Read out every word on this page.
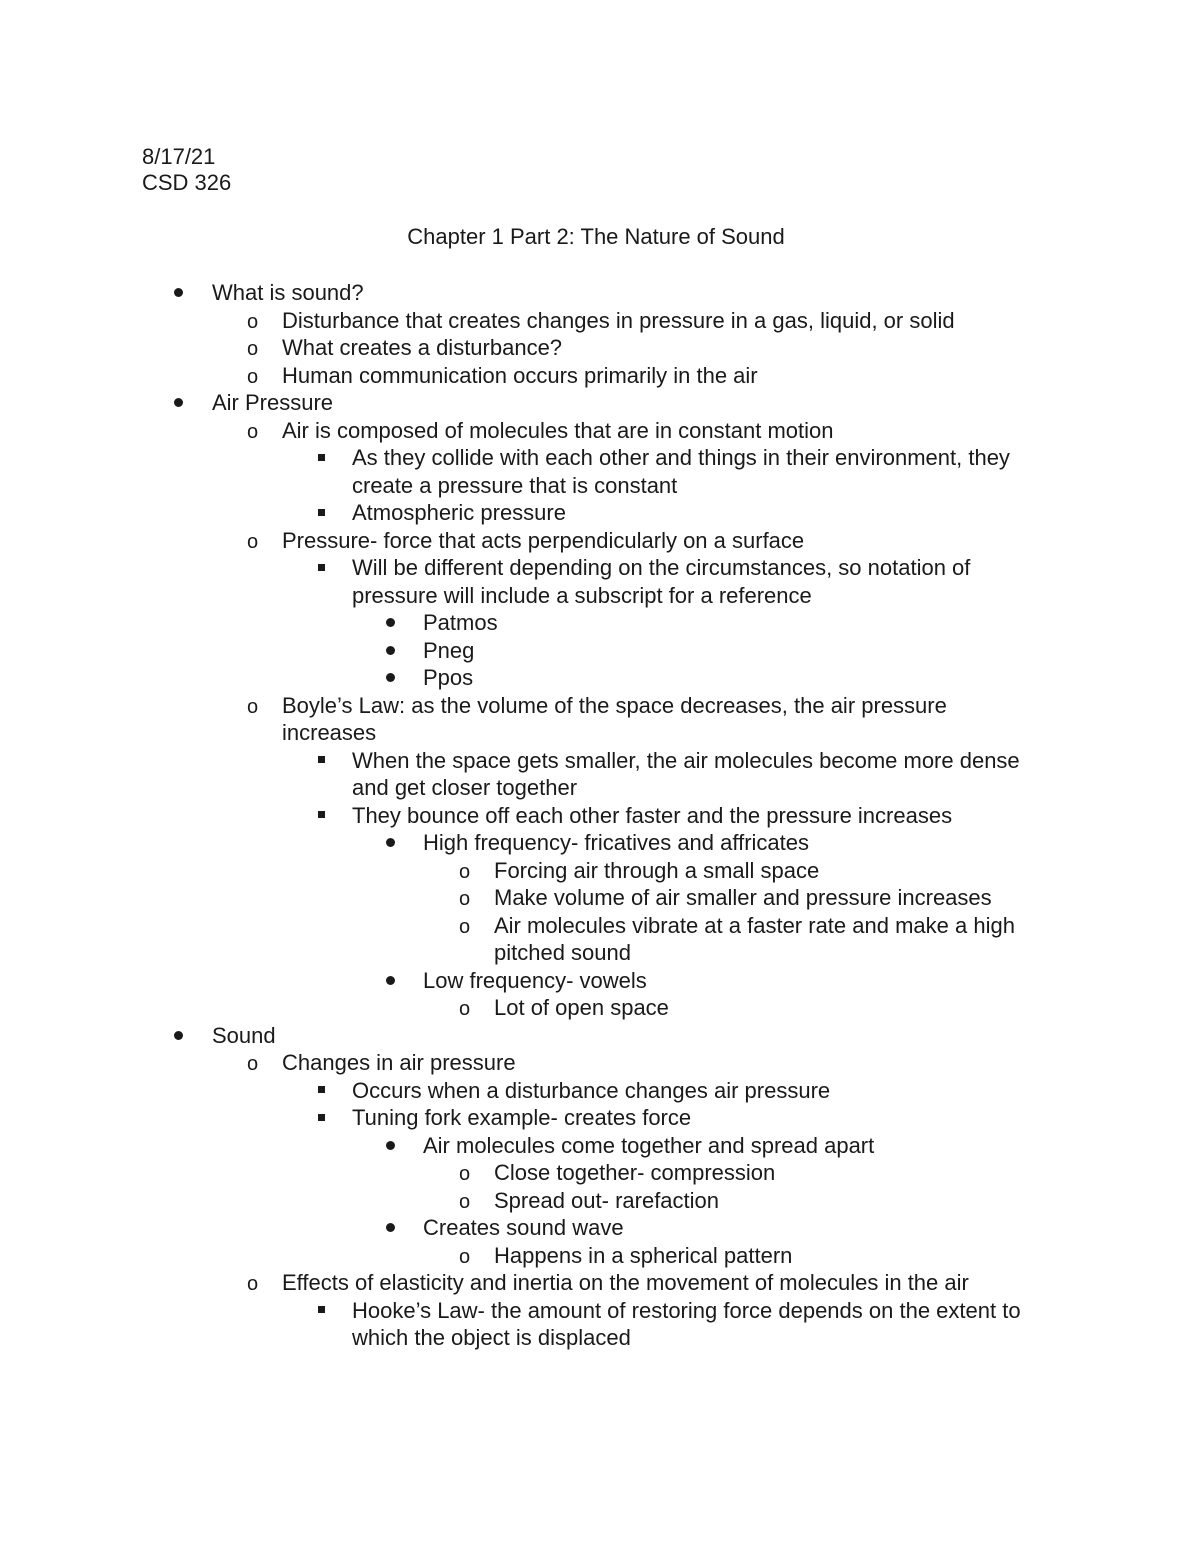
8/17/21
CSD 326
Chapter 1 Part 2: The Nature of Sound
What is sound?
o Disturbance that creates changes in pressure in a gas, liquid, or solid
o What creates a disturbance?
o Human communication occurs primarily in the air
Air Pressure
o Air is composed of molecules that are in constant motion
As they collide with each other and things in their environment, they create a pressure that is constant
Atmospheric pressure
o Pressure- force that acts perpendicularly on a surface
Will be different depending on the circumstances, so notation of pressure will include a subscript for a reference
Patmos
Pneg
Ppos
o Boyle’s Law: as the volume of the space decreases, the air pressure increases
When the space gets smaller, the air molecules become more dense and get closer together
They bounce off each other faster and the pressure increases
High frequency- fricatives and affricates
o Forcing air through a small space
o Make volume of air smaller and pressure increases
o Air molecules vibrate at a faster rate and make a high pitched sound
Low frequency- vowels
o Lot of open space
Sound
o Changes in air pressure
Occurs when a disturbance changes air pressure
Tuning fork example- creates force
Air molecules come together and spread apart
o Close together- compression
o Spread out- rarefaction
Creates sound wave
o Happens in a spherical pattern
o Effects of elasticity and inertia on the movement of molecules in the air
Hooke’s Law- the amount of restoring force depends on the extent to which the object is displaced
